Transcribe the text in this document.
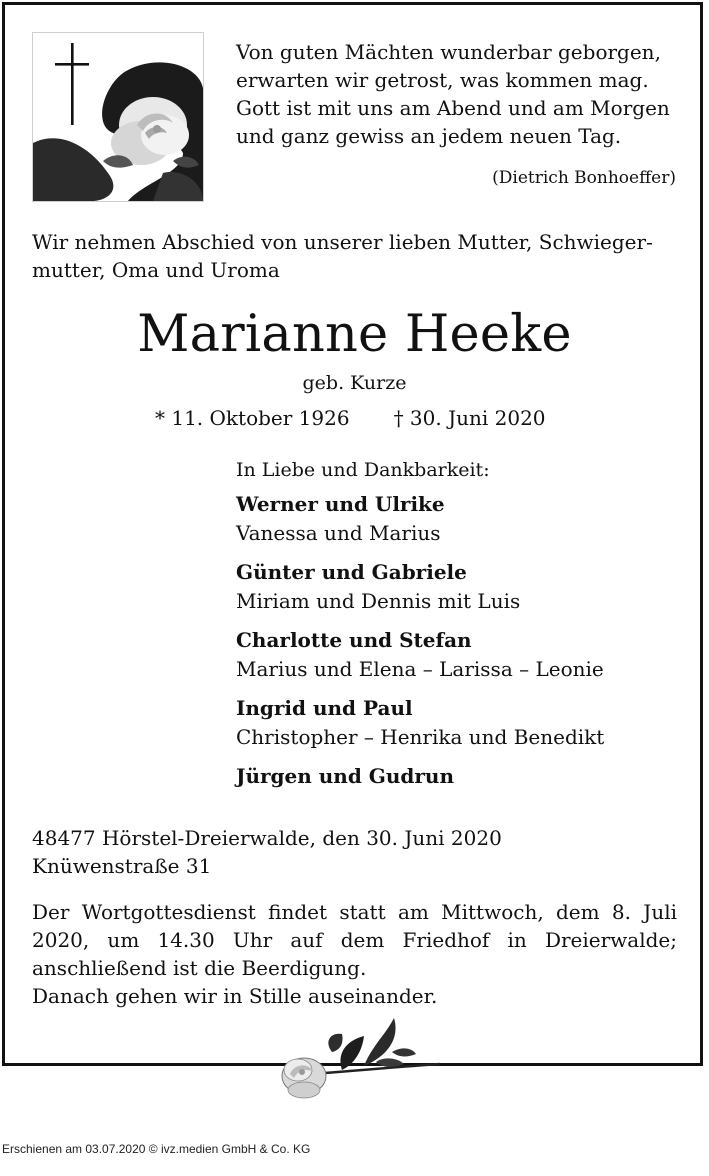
Von guten Mächten wunderbar geborgen,
erwarten wir getrost, was kommen mag.
Gott ist mit uns am Abend und am Morgen
und ganz gewiss an jedem neuen Tag.
(Dietrich Bonhoeffer)
Wir nehmen Abschied von unserer lieben Mutter, Schwieger-
mutter, Oma und Uroma
Marianne Heeke
geb. Kurze
* 11. Oktober 1926 † 30. Juni 2020
In Liebe und Dankbarkeit:
Werner und Ulrike
Vanessa und Marius
Günter und Gabriele
Miriam und Dennis mit Luis
Charlotte und Stefan
Marius und Elena – Larissa – Leonie
Ingrid und Paul
Christopher – Henrika und Benedikt
Jürgen und Gudrun
48477 Hörstel-Dreierwalde, den 30. Juni 2020
Knüwenstraße 31
Der Wortgottesdienst findet statt am Mittwoch, dem 8. Juli 2020, um 14.30 Uhr auf dem Friedhof in Dreierwalde; anschließend ist die Beerdigung.
Danach gehen wir in Stille auseinander.
Erschienen am 03.07.2020 © ivz.medien GmbH & Co. KG
